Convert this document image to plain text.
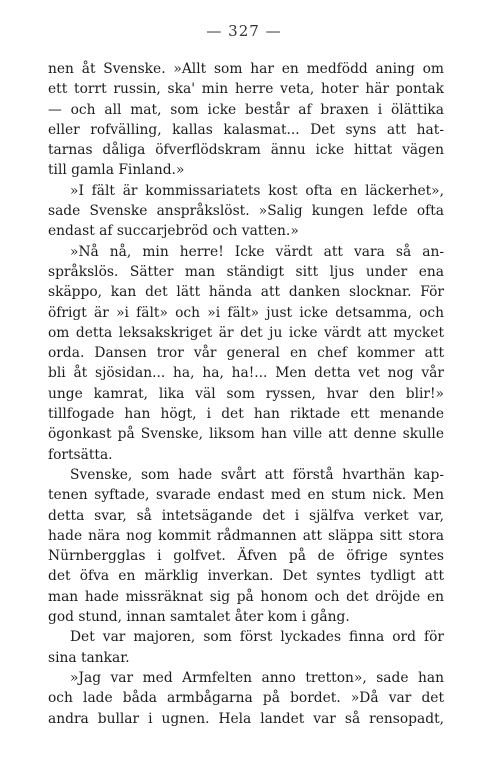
— 327 —
nen åt Svenske. »Allt som har en medfödd aning om
ett torrt russin, ska' min herre veta, hoter här pontak
— och all mat, som icke består af braxen i ölättika
eller rofvälling, kallas kalasmat... Det syns att hat-
tarnas dåliga öfverflödskram ännu icke hittat vägen
till gamla Finland.»
»I fält är kommissariatets kost ofta en läckerhet»,
sade Svenske anspråkslöst. »Salig kungen lefde ofta
endast af succarjebröd och vatten.»
»Nå nå, min herre! Icke värdt att vara så an-
språkslös. Sätter man ständigt sitt ljus under ena
skäppo, kan det lätt hända att danken slocknar. För
öfrigt är »i fält» och »i fält» just icke detsamma, och
om detta leksakskriget är det ju icke värdt att mycket
orda. Dansen tror vår general en chef kommer att
bli åt sjösidan... ha, ha, ha!... Men detta vet nog vår
unge kamrat, lika väl som ryssen, hvar den blir!»
tillfogade han högt, i det han riktade ett menande
ögonkast på Svenske, liksom han ville att denne skulle
fortsätta.
Svenske, som hade svårt att förstå hvarthän kap-
tenen syftade, svarade endast med en stum nick. Men
detta svar, så intetsägande det i själfva verket var,
hade nära nog kommit rådmannen att släppa sitt stora
Nürnbergglas i golfvet. Äfven på de öfrige syntes
det öfva en märklig inverkan. Det syntes tydligt att
man hade missräknat sig på honom och det dröjde en
god stund, innan samtalet åter kom i gång.
Det var majoren, som först lyckades finna ord för
sina tankar.
»Jag var med Armfelten anno tretton», sade han
och lade båda armbågarna på bordet. »Då var det
andra bullar i ugnen. Hela landet var så rensopadt,
